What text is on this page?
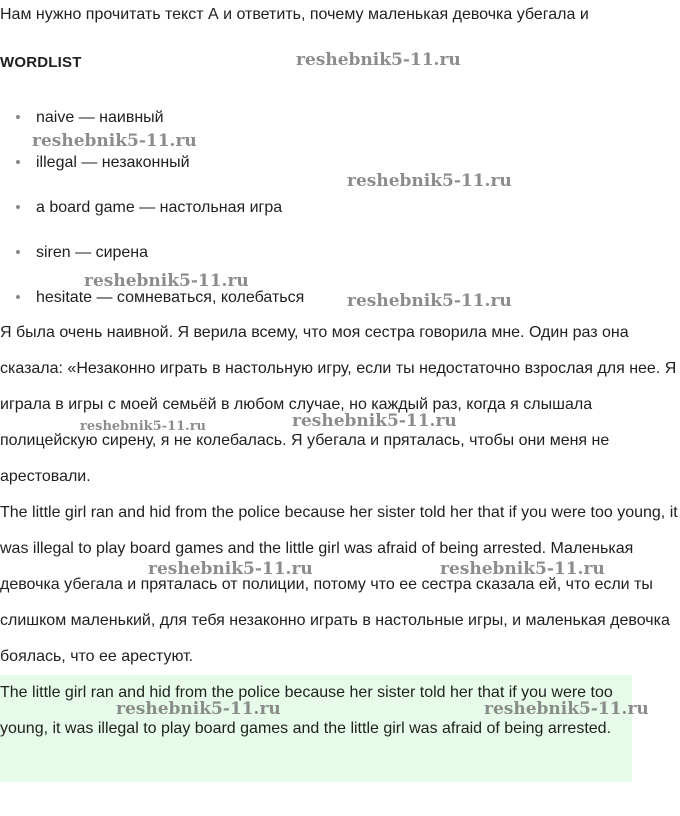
Нам нужно прочитать текст А и ответить, почему маленькая девочка убегала и
WORDLIST
naive — наивный
illegal — незаконный
a board game — настольная игра
siren — сирена
hesitate — сомневаться, колебаться
Я была очень наивной. Я верила всему, что моя сестра говорила мне. Один раз она сказала: «Незаконно играть в настольную игру, если ты недостаточно взрослая для нее. Я играла в игры с моей семьёй в любом случае, но каждый раз, когда я слышала полицейскую сирену, я не колебалась. Я убегала и пряталась, чтобы они меня не арестовали.
The little girl ran and hid from the police because her sister told her that if you were too young, it was illegal to play board games and the little girl was afraid of being arrested. Маленькая девочка убегала и пряталась от полиции, потому что ее сестра сказала ей, что если ты слишком маленький, для тебя незаконно играть в настольные игры, и маленькая девочка боялась, что ее арестуют.
The little girl ran and hid from the police because her sister told her that if you were too young, it was illegal to play board games and the little girl was afraid of being arrested.
reshebnik5-11.ru
reshebnik5-11.ru
reshebnik5-11.ru
reshebnik5-11.ru
reshebnik5-11.ru
reshebnik5-11.ru	reshebnik5-11.ru
reshebnik5-11.ru	reshebnik5-11.ru
reshebnik5-11.ru	reshebnik5-11.ru
